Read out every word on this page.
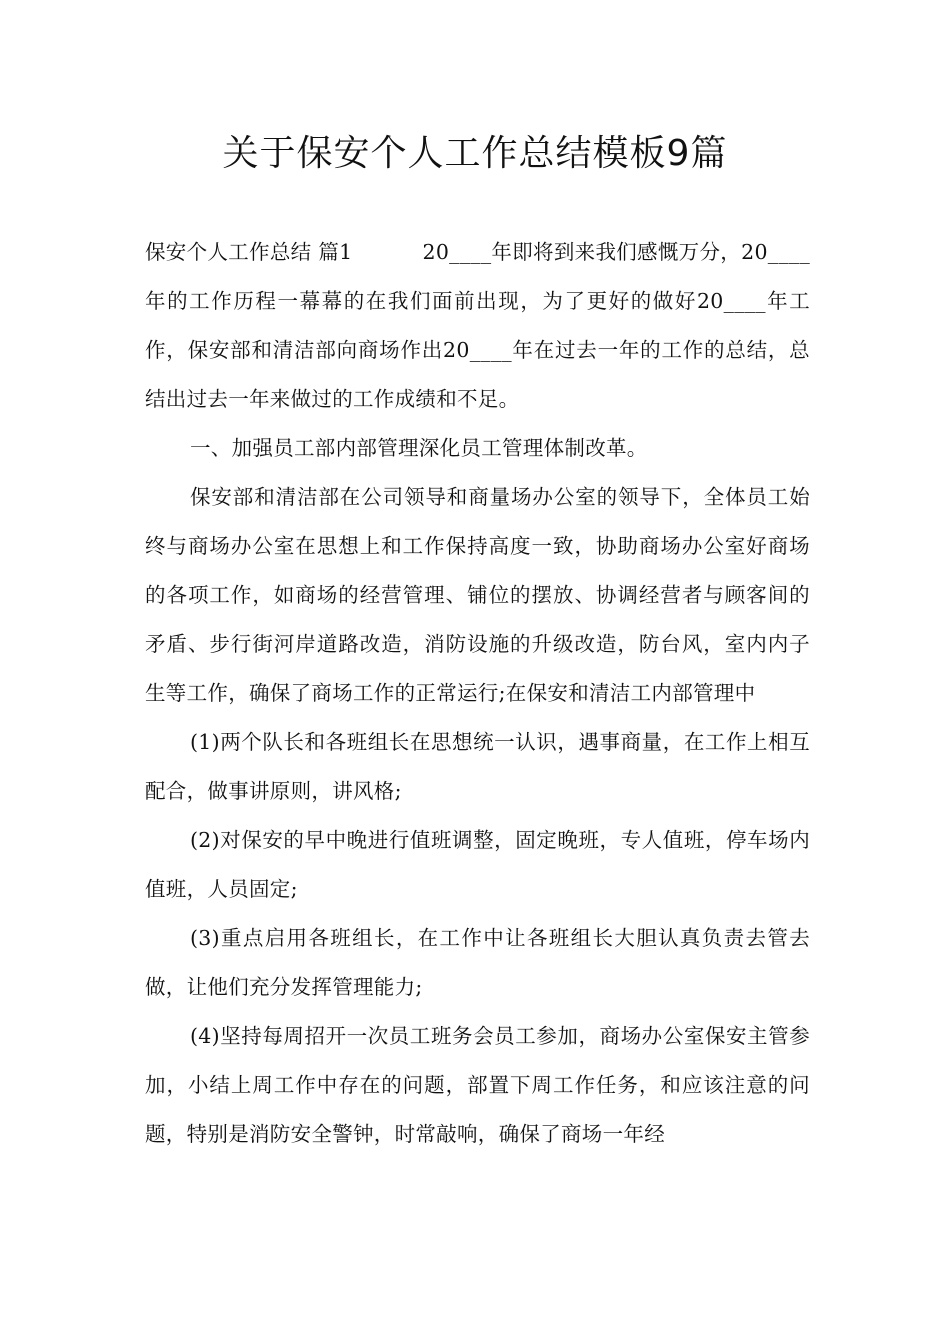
关于保安个人工作总结模板9篇

保安个人工作总结 篇1	20____年即将到来我们感慨万分，20____年的工作历程一幕幕的在我们面前出现，为了更好的做好20____年工作，保安部和清洁部向商场作出20____年在过去一年的工作的总结，总结出过去一年来做过的工作成绩和不足。

一、加强员工部内部管理深化员工管理体制改革。

保安部和清洁部在公司领导和商量场办公室的领导下，全体员工始终与商场办公室在思想上和工作保持高度一致，协助商场办公室好商场的各项工作，如商场的经营管理、铺位的摆放、协调经营者与顾客间的矛盾、步行街河岸道路改造，消防设施的升级改造，防台风，室内内子生等工作，确保了商场工作的正常运行;在保安和清洁工内部管理中

(1)两个队长和各班组长在思想统一认识，遇事商量，在工作上相互配合，做事讲原则，讲风格;

(2)对保安的早中晚进行值班调整，固定晚班，专人值班，停车场内值班，人员固定;

(3)重点启用各班组长，在工作中让各班组长大胆认真负责去管去做，让他们充分发挥管理能力;

(4)坚持每周招开一次员工班务会员工参加，商场办公室保安主管参加，小结上周工作中存在的问题，部置下周工作任务，和应该注意的问题，特别是消防安全警钟，时常敲响，确保了商场一年经
